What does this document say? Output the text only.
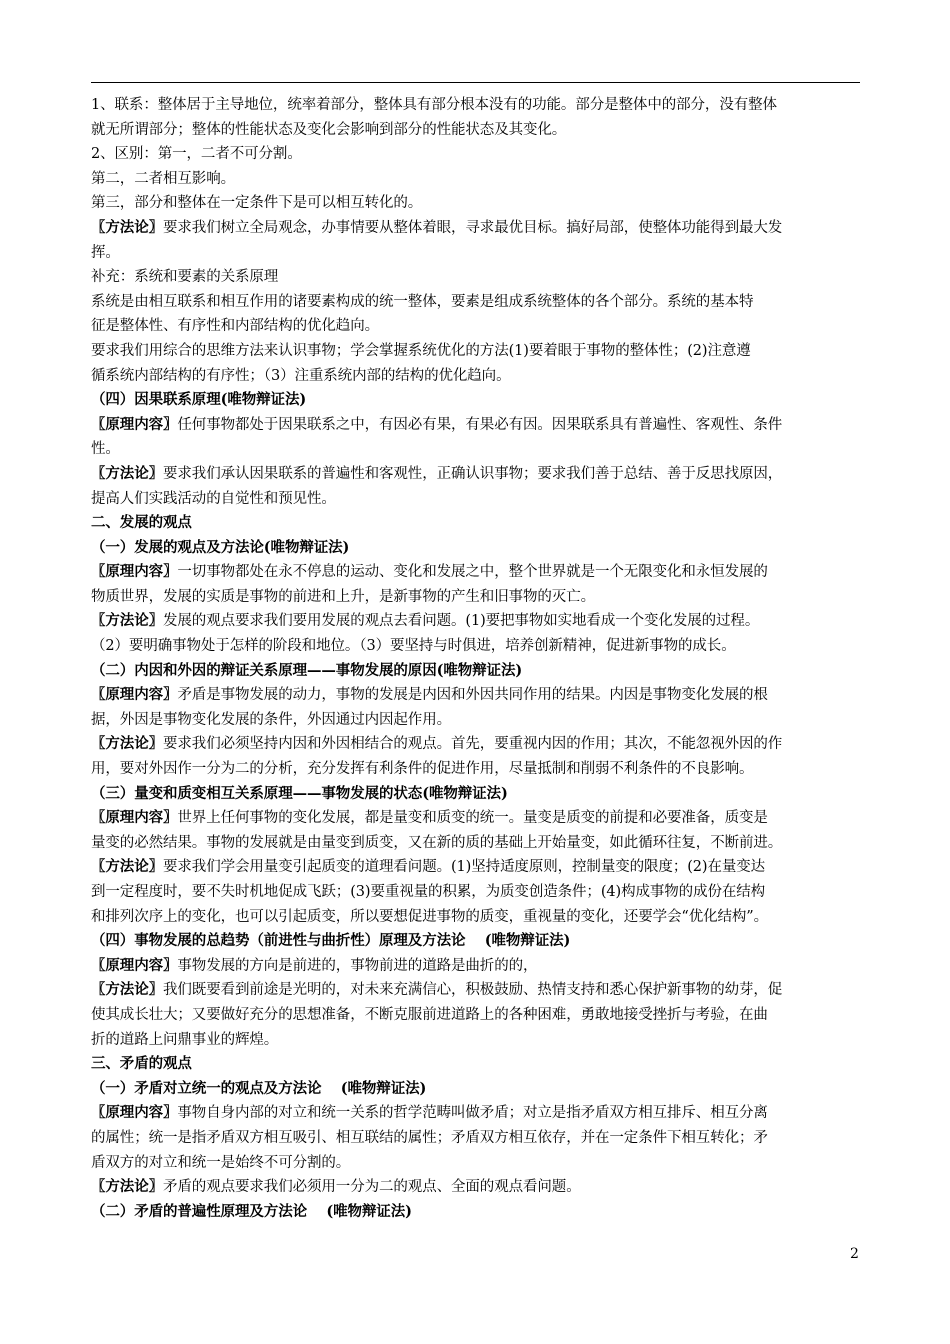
1、联系：整体居于主导地位，统率着部分，整体具有部分根本没有的功能。部分是整体中的部分，没有整体
就无所谓部分；整体的性能状态及变化会影响到部分的性能状态及其变化。
2、区别：第一，二者不可分割。
第二，二者相互影响。
第三，部分和整体在一定条件下是可以相互转化的。
〖方法论〗要求我们树立全局观念，办事情要从整体着眼，寻求最优目标。搞好局部，使整体功能得到最大发
挥。
补充：系统和要素的关系原理
系统是由相互联系和相互作用的诸要素构成的统一整体，要素是组成系统整体的各个部分。系统的基本特
征是整体性、有序性和内部结构的优化趋向。
要求我们用综合的思维方法来认识事物；学会掌握系统优化的方法(1)要着眼于事物的整体性；(2)注意遵
循系统内部结构的有序性；（3）注重系统内部的结构的优化趋向。
（四）因果联系原理(唯物辩证法)
〖原理内容〗任何事物都处于因果联系之中，有因必有果，有果必有因。因果联系具有普遍性、客观性、条件
性。
〖方法论〗要求我们承认因果联系的普遍性和客观性，正确认识事物；要求我们善于总结、善于反思找原因，
提高人们实践活动的自觉性和预见性。
二、发展的观点
（一）发展的观点及方法论(唯物辩证法)
〖原理内容〗一切事物都处在永不停息的运动、变化和发展之中，整个世界就是一个无限变化和永恒发展的
物质世界，发展的实质是事物的前进和上升，是新事物的产生和旧事物的灭亡。
〖方法论〗发展的观点要求我们要用发展的观点去看问题。(1)要把事物如实地看成一个变化发展的过程。
（2）要明确事物处于怎样的阶段和地位。（3）要坚持与时俱进，培养创新精神，促进新事物的成长。
（二）内因和外因的辩证关系原理——事物发展的原因(唯物辩证法)
〖原理内容〗矛盾是事物发展的动力，事物的发展是内因和外因共同作用的结果。内因是事物变化发展的根
据，外因是事物变化发展的条件，外因通过内因起作用。
〖方法论〗要求我们必须坚持内因和外因相结合的观点。首先，要重视内因的作用；其次，不能忽视外因的作
用，要对外因作一分为二的分析，充分发挥有利条件的促进作用，尽量抵制和削弱不利条件的不良影响。
（三）量变和质变相互关系原理——事物发展的状态(唯物辩证法)
〖原理内容〗世界上任何事物的变化发展，都是量变和质变的统一。量变是质变的前提和必要准备，质变是
量变的必然结果。事物的发展就是由量变到质变，又在新的质的基础上开始量变，如此循环往复，不断前进。
〖方法论〗要求我们学会用量变引起质变的道理看问题。(1)坚持适度原则，控制量变的限度；(2)在量变达
到一定程度时，要不失时机地促成飞跃；(3)要重视量的积累，为质变创造条件；(4)构成事物的成份在结构
和排列次序上的变化，也可以引起质变，所以要想促进事物的质变，重视量的变化，还要学会“优化结构”。
（四）事物发展的总趋势（前进性与曲折性）原理及方法论　 (唯物辩证法)
〖原理内容〗事物发展的方向是前进的，事物前进的道路是曲折的的，
〖方法论〗我们既要看到前途是光明的，对未来充满信心，积极鼓励、热情支持和悉心保护新事物的幼芽，促
使其成长壮大；又要做好充分的思想准备，不断克服前进道路上的各种困难，勇敢地接受挫折与考验，在曲
折的道路上问鼎事业的辉煌。
三、矛盾的观点
（一）矛盾对立统一的观点及方法论　 (唯物辩证法)
〖原理内容〗事物自身内部的对立和统一关系的哲学范畴叫做矛盾；对立是指矛盾双方相互排斥、相互分离
的属性；统一是指矛盾双方相互吸引、相互联结的属性；矛盾双方相互依存，并在一定条件下相互转化；矛
盾双方的对立和统一是始终不可分割的。
〖方法论〗矛盾的观点要求我们必须用一分为二的观点、全面的观点看问题。
（二）矛盾的普遍性原理及方法论　 (唯物辩证法)
2
